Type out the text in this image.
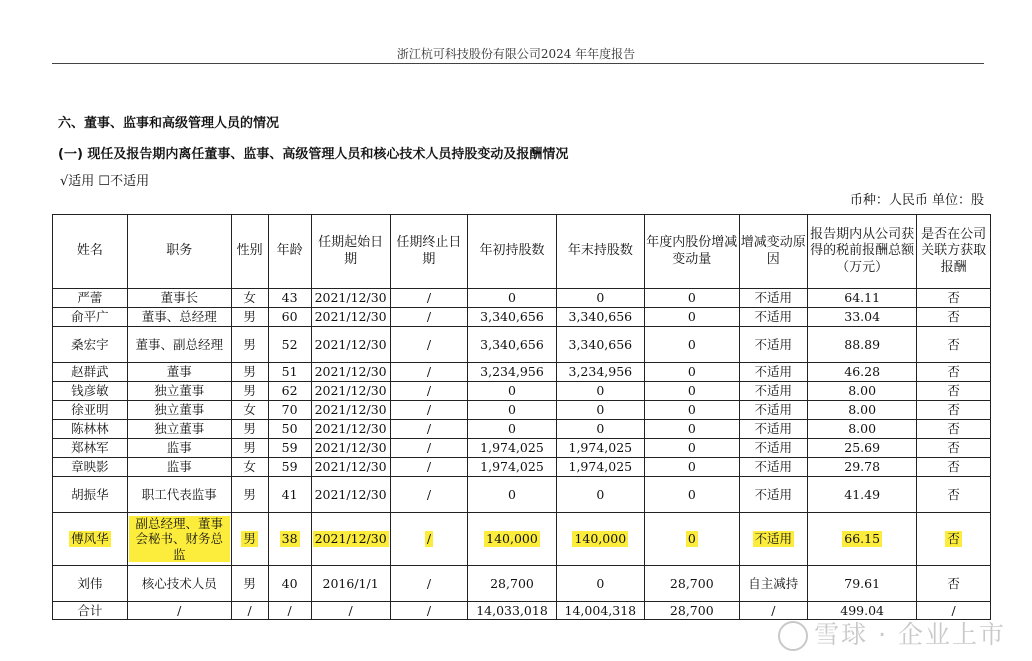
浙江杭可科技股份有限公司2024 年年度报告
六、董事、监事和高级管理人员的情况
(一) 现任及报告期内离任董事、监事、高级管理人员和核心技术人员持股变动及报酬情况
√适用 ☐不适用
币种：人民币 单位：股
姓名	职务	性别	年龄	任期起始日期	任期终止日期	年初持股数	年末持股数	年度内股份增减变动量	增减变动原因	报告期内从公司获得的税前报酬总额（万元）	是否在公司关联方获取报酬
严蕾	董事长	女	43	2021/12/30	/	0	0	0	不适用	64.11	否
俞平广	董事、总经理	男	60	2021/12/30	/	3,340,656	3,340,656	0	不适用	33.04	否
桑宏宇	董事、副总经理	男	52	2021/12/30	/	3,340,656	3,340,656	0	不适用	88.89	否
赵群武	董事	男	51	2021/12/30	/	3,234,956	3,234,956	0	不适用	46.28	否
钱彦敏	独立董事	男	62	2021/12/30	/	0	0	0	不适用	8.00	否
徐亚明	独立董事	女	70	2021/12/30	/	0	0	0	不适用	8.00	否
陈林林	独立董事	男	50	2021/12/30	/	0	0	0	不适用	8.00	否
郑林军	监事	男	59	2021/12/30	/	1,974,025	1,974,025	0	不适用	25.69	否
章映影	监事	女	59	2021/12/30	/	1,974,025	1,974,025	0	不适用	29.78	否
胡振华	职工代表监事	男	41	2021/12/30	/	0	0	0	不适用	41.49	否
傅风华	副总经理、董事会秘书、财务总监	男	38	2021/12/30	/	140,000	140,000	0	不适用	66.15	否
刘伟	核心技术人员	男	40	2016/1/1	/	28,700	0	28,700	自主减持	79.61	否
合计	/	/	/	/	/	14,033,018	14,004,318	28,700	/	499.04	/
雪球 · 企业上市
